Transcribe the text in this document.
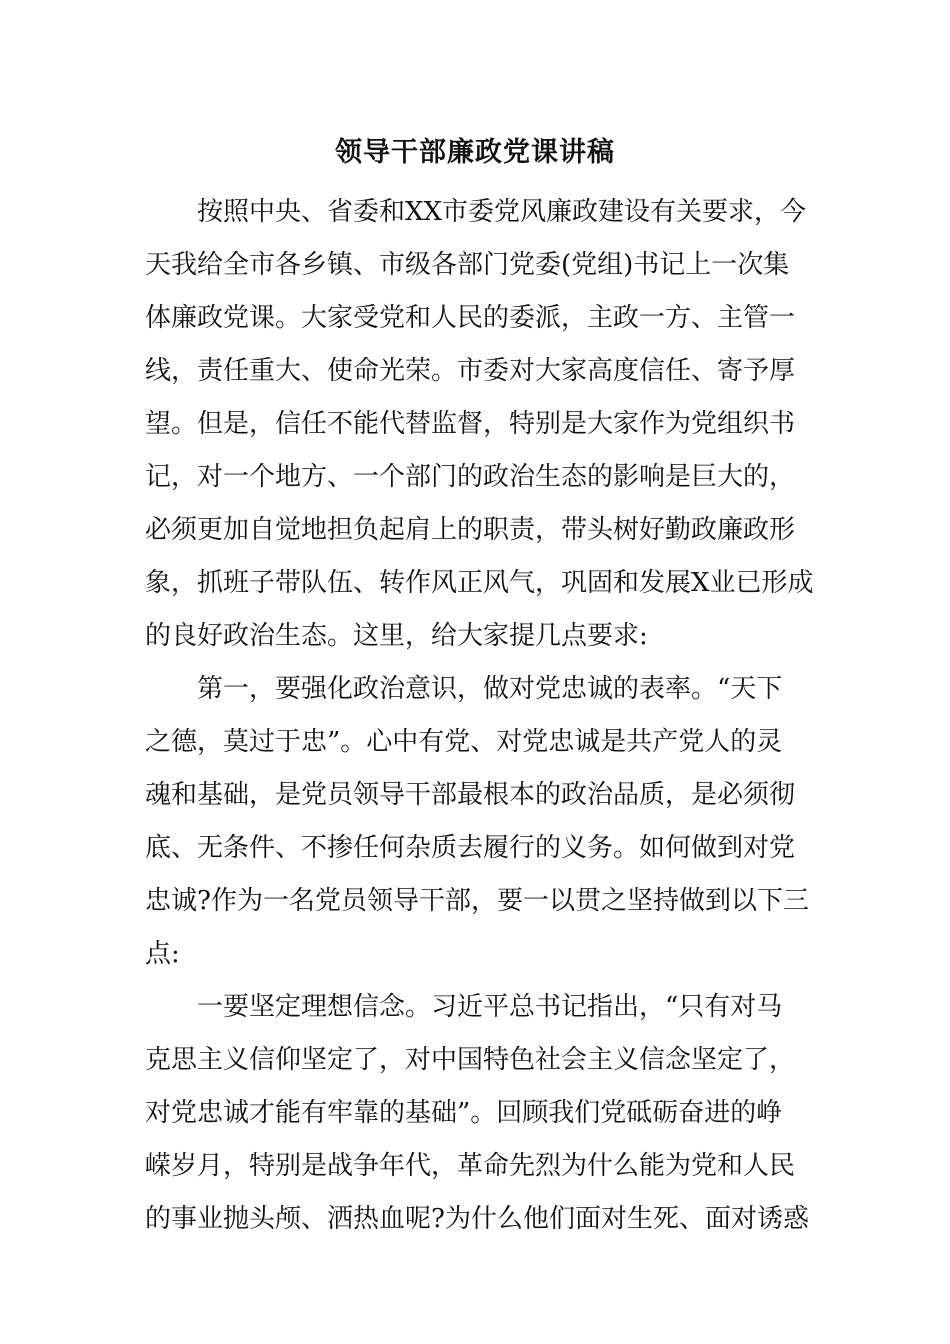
领导干部廉政党课讲稿
按照中央、省委和XX市委党风廉政建设有关要求，今
天我给全市各乡镇、市级各部门党委(党组)书记上一次集
体廉政党课。大家受党和人民的委派，主政一方、主管一
线，责任重大、使命光荣。市委对大家高度信任、寄予厚
望。但是，信任不能代替监督，特别是大家作为党组织书
记，对一个地方、一个部门的政治生态的影响是巨大的，
必须更加自觉地担负起肩上的职责，带头树好勤政廉政形
象，抓班子带队伍、转作风正风气，巩固和发展X业已形成
的良好政治生态。这里，给大家提几点要求:
第一，要强化政治意识，做对党忠诚的表率。“天下
之德，莫过于忠”。心中有党、对党忠诚是共产党人的灵
魂和基础，是党员领导干部最根本的政治品质，是必须彻
底、无条件、不掺任何杂质去履行的义务。如何做到对党
忠诚?作为一名党员领导干部，要一以贯之坚持做到以下三
点:
一要坚定理想信念。习近平总书记指出，“只有对马
克思主义信仰坚定了，对中国特色社会主义信念坚定了，
对党忠诚才能有牢靠的基础”。回顾我们党砥砺奋进的峥
嵘岁月，特别是战争年代，革命先烈为什么能为党和人民
的事业抛头颅、洒热血呢?为什么他们面对生死、面对诱惑
